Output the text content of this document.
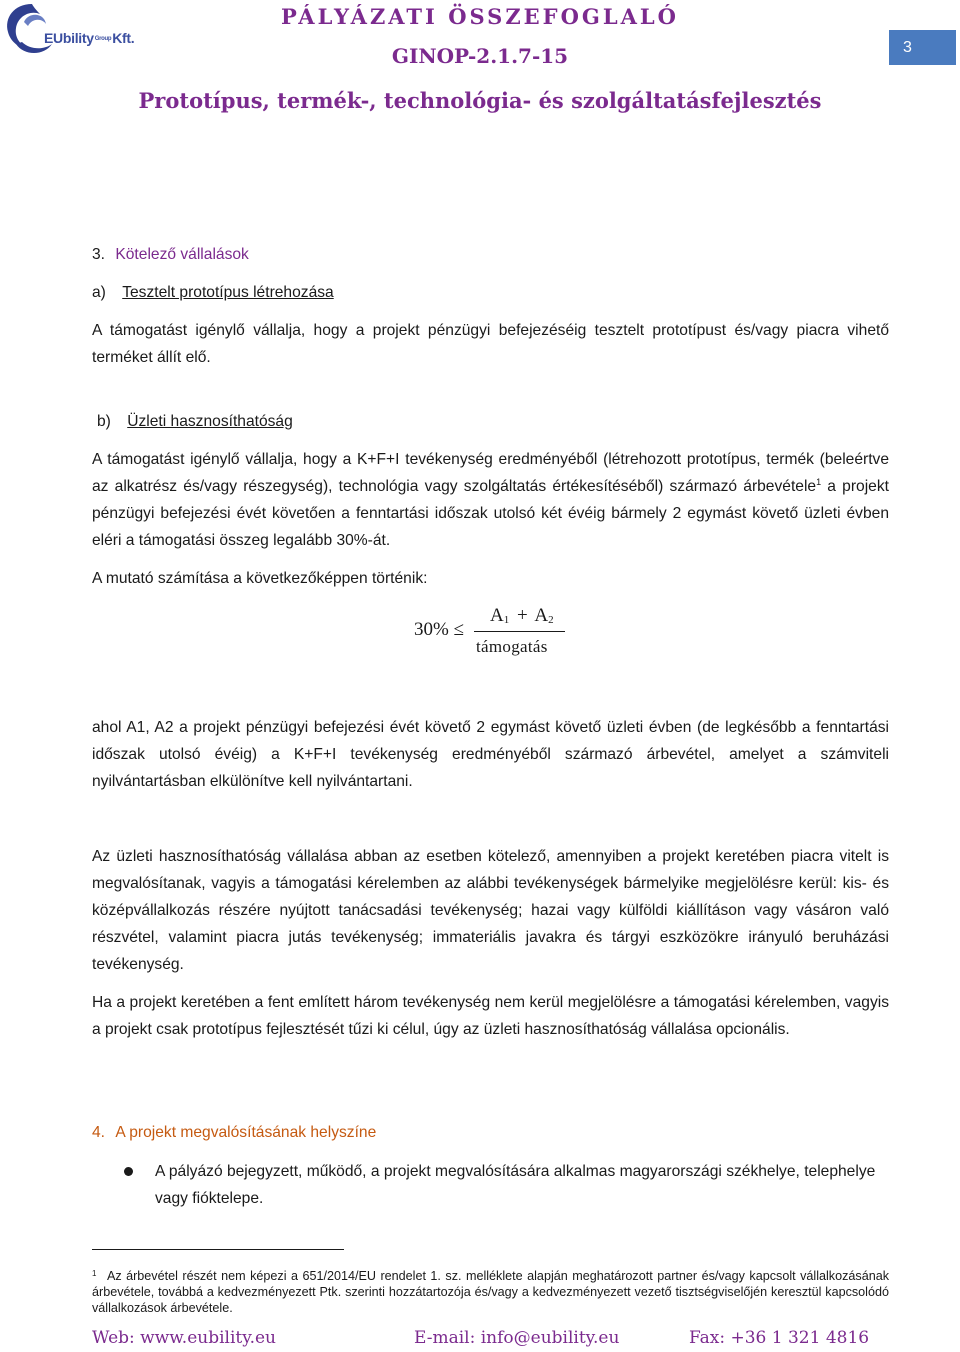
EUbility$^{Group}$Kft.
PÁLYÁZATI ÖSSZEFOGLALÓ
GINOP-2.1.7-15
Prototípus, termék-, technológia- és szolgáltatásfejlesztés
3
3. Kötelező vállalások
a) Tesztelt prototípus létrehozása
A támogatást igénylő vállalja, hogy a projekt pénzügyi befejezéséig tesztelt prototípust és/vagy piacra vihető terméket állít elő.
b) Üzleti hasznosíthatóság
A támogatást igénylő vállalja, hogy a K+F+I tevékenység eredményéből (létrehozott prototípus, termék (beleértve az alkatrész és/vagy részegység), technológia vagy szolgáltatás értékesítéséből) származó árbevétele$^1$ a projekt pénzügyi befejezési évét követően a fenntartási időszak utolsó két évéig bármely 2 egymást követő üzleti évben eléri a támogatási összeg legalább 30%-át.
A mutató számítása a következőképpen történik:
30% ≤
$A_1 + A_2$
támogatás
ahol A1, A2 a projekt pénzügyi befejezési évét követő 2 egymást követő üzleti évben (de legkésőbb a fenntartási időszak utolsó évéig) a K+F+I tevékenység eredményéből származó árbevétel, amelyet a számviteli nyilvántartásban elkülönítve kell nyilvántartani.
Az üzleti hasznosíthatóság vállalása abban az esetben kötelező, amennyiben a projekt keretében piacra vitelt is megvalósítanak, vagyis a támogatási kérelemben az alábbi tevékenységek bármelyike megjelölésre kerül: kis- és középvállalkozás részére nyújtott tanácsadási tevékenység; hazai vagy külföldi kiállításon vagy vásáron való részvétel, valamint piacra jutás tevékenység; immateriális javakra és tárgyi eszközökre irányuló beruházási tevékenység.
Ha a projekt keretében a fent említett három tevékenység nem kerül megjelölésre a támogatási kérelemben, vagyis a projekt csak prototípus fejlesztését tűzi ki célul, úgy az üzleti hasznosíthatóság vállalása opcionális.
4. A projekt megvalósításának helyszíne
A pályázó bejegyzett, működő, a projekt megvalósítására alkalmas magyarországi székhelye, telephelye vagy fióktelepe.
$^1$ Az árbevétel részét nem képezi a 651/2014/EU rendelet 1. sz. melléklete alapján meghatározott partner és/vagy kapcsolt vállalkozásának árbevétele, továbbá a kedvezményezett Ptk. szerinti hozzátartozója és/vagy a kedvezményezett vezető tisztségviselőjén keresztül kapcsolódó vállalkozások árbevétele.
Web: www.eubility.eu	E-mail: info@eubility.eu	Fax: +36 1 321 4816
